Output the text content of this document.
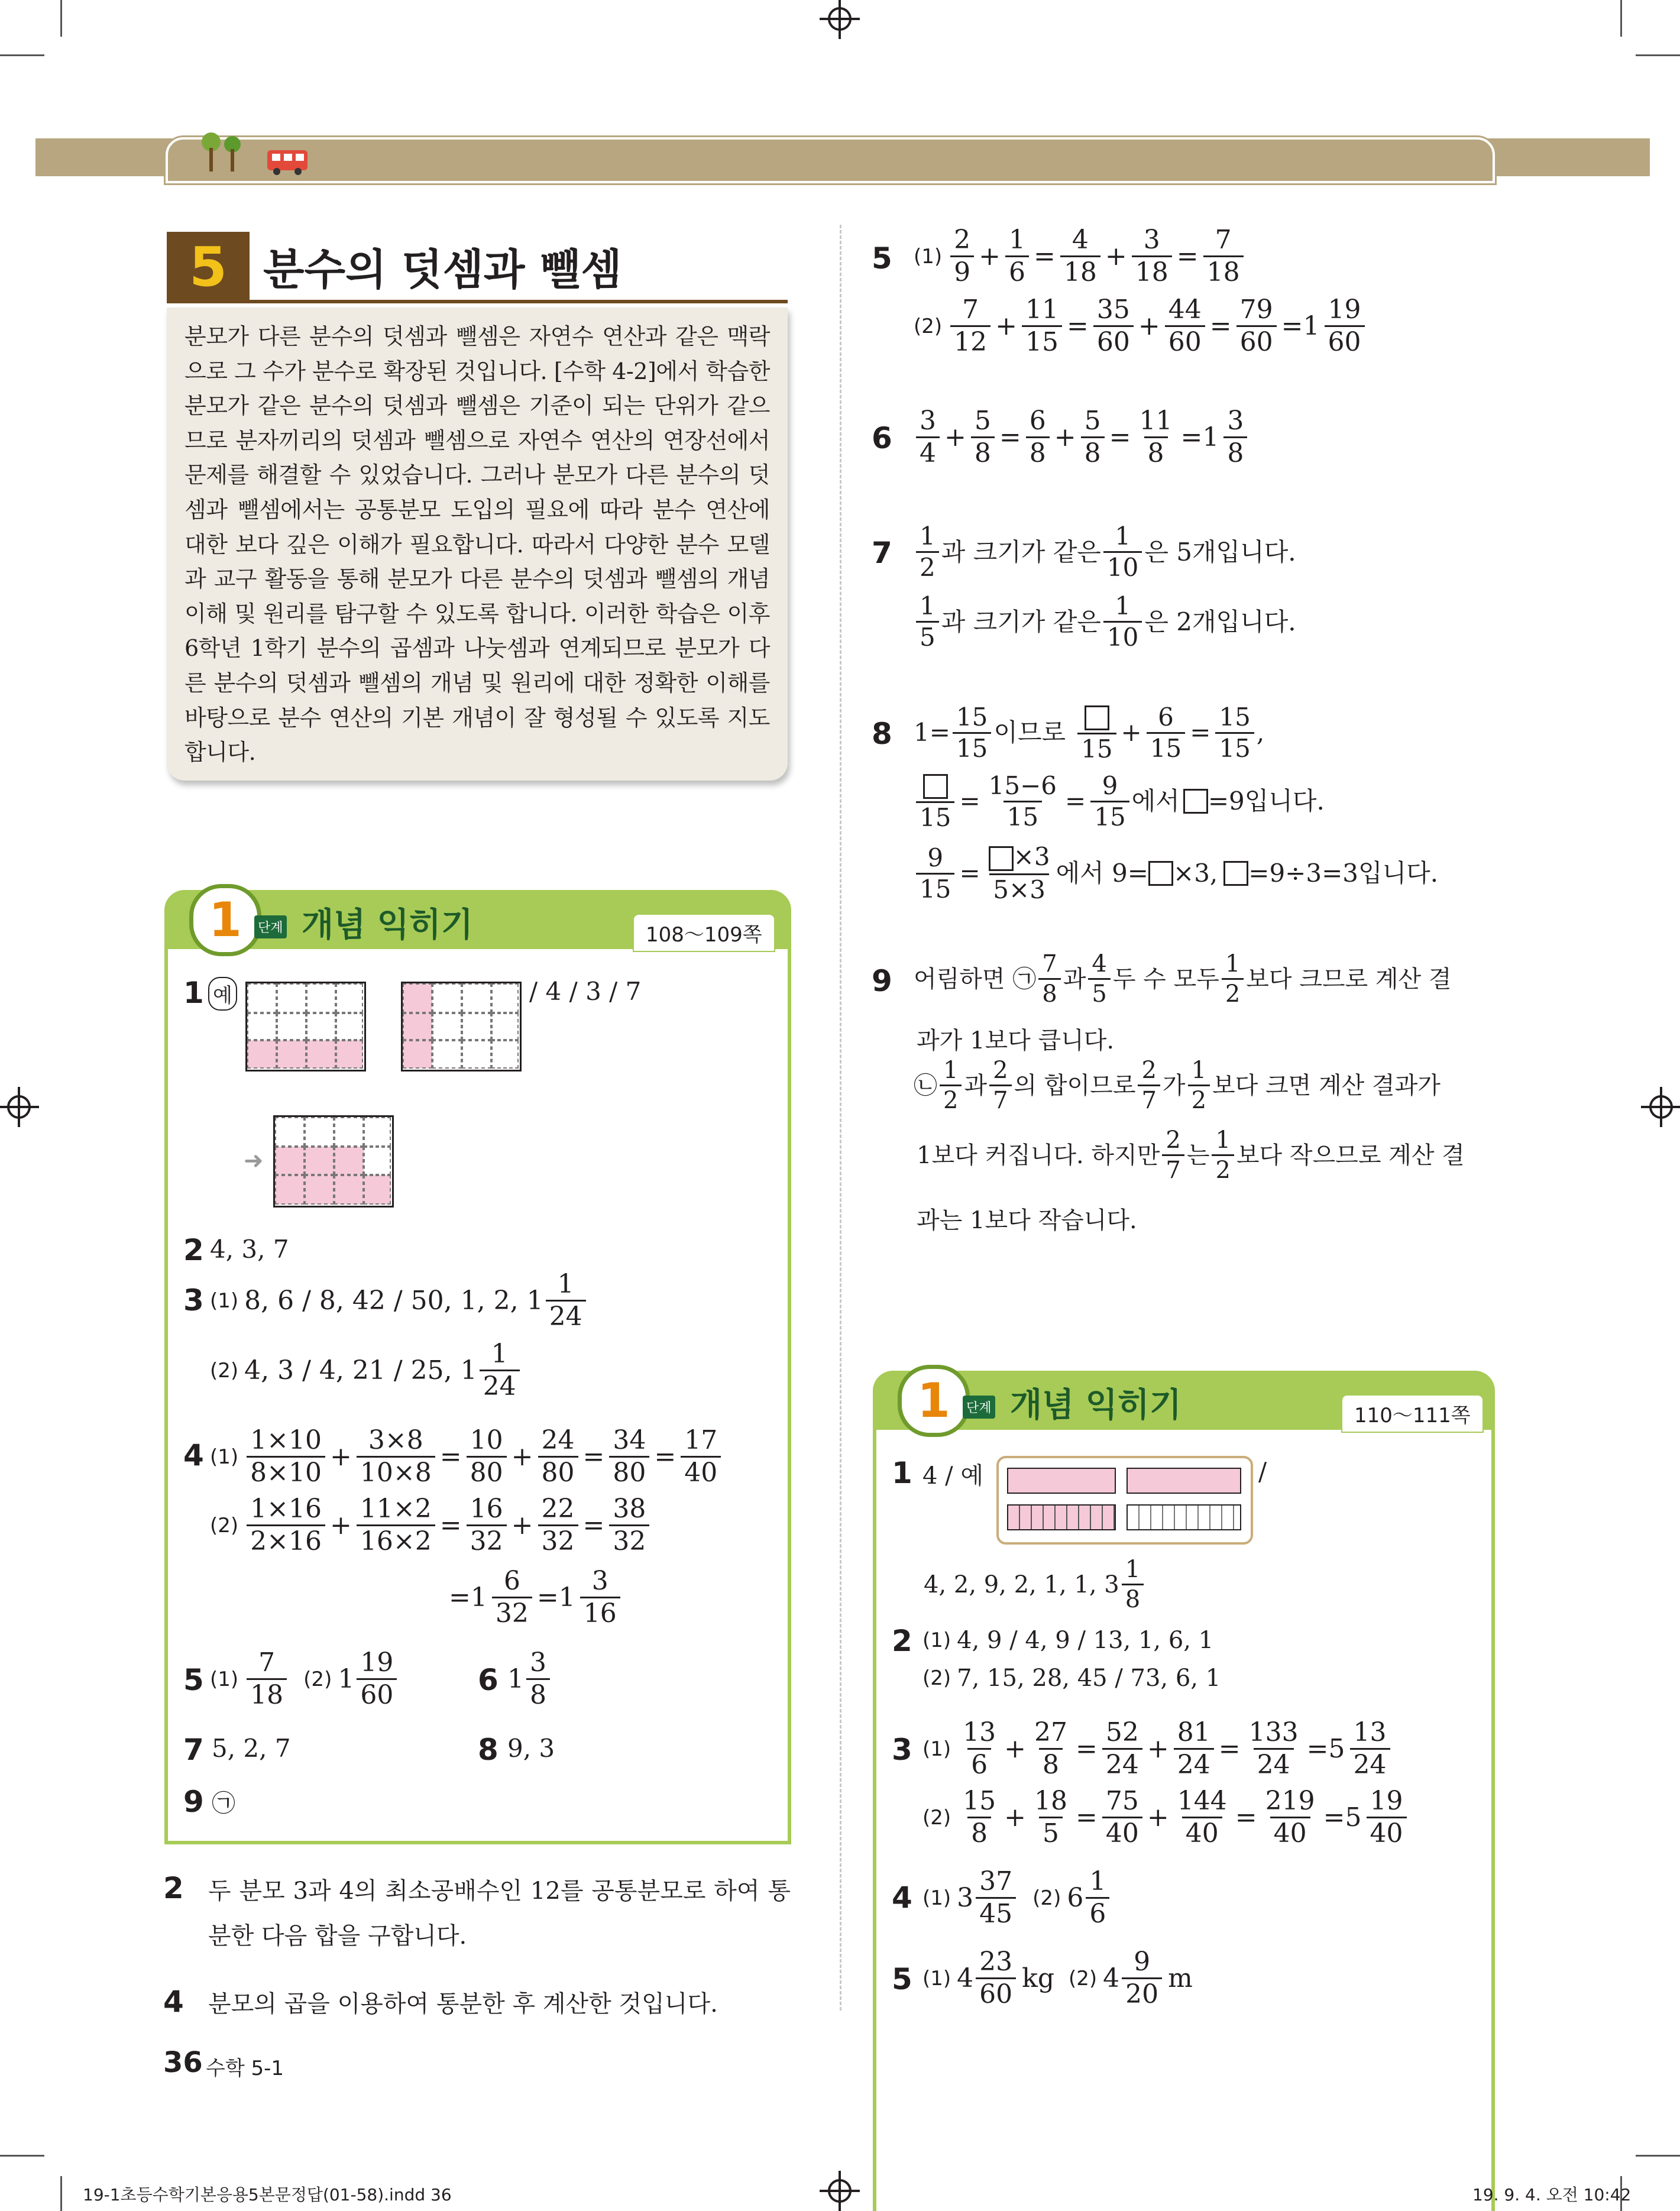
5 분수의 덧셈과 뺄셈
분모가 다른 분수의 덧셈과 뺄셈은 자연수 연산과 같은 맥락으로 그 수가 분수로 확장된 것입니다. [수학 4-2]에서 학습한 분모가 같은 분수의 덧셈과 뺄셈은 기준이 되는 단위가 같으므로 분자끼리의 덧셈과 뺄셈으로 자연수 연산의 연장선에서 문제를 해결할 수 있었습니다. 그러나 분모가 다른 분수의 덧셈과 뺄셈에서는 공통분모 도입의 필요에 따라 분수 연산에 대한 보다 깊은 이해가 필요합니다. 따라서 다양한 분수 모델과 교구 활동을 통해 분모가 다른 분수의 덧셈과 뺄셈의 개념 이해 및 원리를 탐구할 수 있도록 합니다. 이러한 학습은 이후 6학년 1학기 분수의 곱셈과 나눗셈과 연계되므로 분모가 다른 분수의 덧셈과 뺄셈의 개념 및 원리에 대한 정확한 이해를 바탕으로 분수 연산의 기본 개념이 잘 형성될 수 있도록 지도합니다.
1	단계 개념 익히기	108～109쪽
1 예	/ 4 / 3 / 7
➜
2 4, 3, 7
3 (1) 8, 6 / 8, 42 / 50, 1, 2, $1 \frac{1}{24}$
(2) 4, 3 / 4, 21 / 25, $1 \frac{1}{24}$
4 $(1) \frac{1\times 10}{8\times 10} + \frac{3\times 8}{10\times 8} = \frac{10}{80} + \frac{24}{80} = \frac{34}{80} = \frac{17}{40}$
$(2) \frac{1\times 16}{2\times 16} + \frac{11\times 2}{16\times 2} = \frac{16}{32} + \frac{22}{32} = \frac{38}{32}$
$=1 \frac{6}{32} =1 \frac{3}{16}$
5 $(1) \frac{7}{18} (2)$ $1 \frac{19}{60}$	6 $1 \frac{3}{8}$
7 5, 2, 7	8 9, 3
9 ㉠
2 두 분모 3과 4의 최소공배수인 12를 공통분모로 하여 통분한 다음 합을 구합니다.
4 분모의 곱을 이용하여 통분한 후 계산한 것입니다.
36 수학 5-1
5 $(1) \frac{2}{9} + \frac{1}{6} = \frac{4}{18} + \frac{3}{18} = \frac{7}{18}$
$(2) \frac{7}{12} + \frac{11}{15} = \frac{35}{60} + \frac{44}{60} = \frac{79}{60} =1 \frac{19}{60}$
$6 \frac{3}{4} + \frac{5}{8} = \frac{6}{8} + \frac{5}{8} = \frac{11}{8} =1 \frac{3}{8}$
$7 \frac{1}{2}$ 과 크기가 같은 $\frac{1}{10}$ 은 5개입니다.
$\frac{1}{5}$ 과 크기가 같은 $\frac{1}{10}$ 은 2개입니다.
8 $1= \frac{15}{15}$ 이므로
15
+ $\frac{6}{15} = \frac{15}{15}$ ,
15
= $\frac{15-6}{15} = \frac{9}{15}$ 에서 =9입니다.
$\frac{9}{15} = \frac{\times 3}{5\times 3}$ 에서 9= ×3, =9÷3=3입니다.
9 어림하면 ㉠ $\frac{7}{8}$ 과 $\frac{4}{5}$ 두 수 모두 $\frac{1}{2}$ 보다 크므로 계산 결
과가 1보다 큽니다.
㉡ $\frac{1}{2}$ 과 $\frac{2}{7}$ 의 합이므로 $\frac{2}{7}$ 가 $\frac{1}{2}$ 보다 크면 계산 결과가
1보다 커집니다. 하지만 $\frac{2}{7}$ 는 $\frac{1}{2}$ 보다 작으므로 계산 결
과는 1보다 작습니다.
1	단계 개념 익히기	110～111쪽
1 4 / 예	/
4, 2, 9, 2, 1, 1, $3 \frac{1}{8}$
2 (1) 4, 9 / 4, 9 / 13, 1, 6, 1
(2) 7, 15, 28, 45 / 73, 6, 1
3 $(1) \frac{13}{6} + \frac{27}{8} = \frac{52}{24} + \frac{81}{24} = \frac{133}{24} =5 \frac{13}{24}$
$(2) \frac{15}{8} + \frac{18}{5} = \frac{75}{40} + \frac{144}{40} = \frac{219}{40} =5 \frac{19}{40}$
4 (1) $3 \frac{37}{45} (2)$ $6 \frac{1}{6}$
5 (1) $4 \frac{23}{60}$ kg (2) $4 \frac{9}{20}$ m
19-1초등수학기본응용5본문정답(01-58).indd 36	19. 9. 4. 오전 10:42
